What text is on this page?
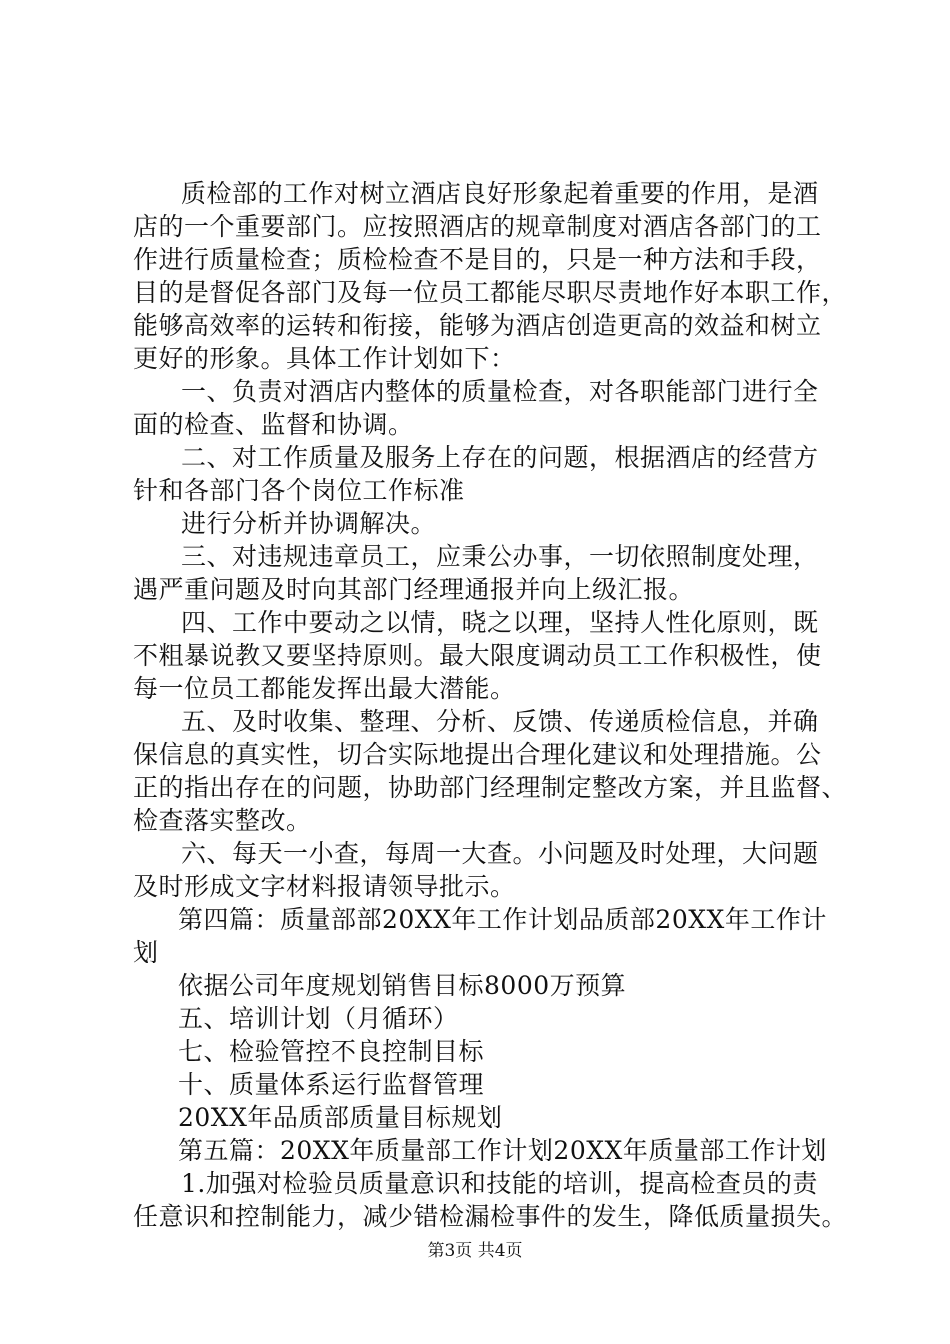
质检部的工作对树立酒店良好形象起着重要的作用，是酒
店的一个重要部门。应按照酒店的规章制度对酒店各部门的工
作进行质量检查；质检检查不是目的，只是一种方法和手段，
目的是督促各部门及每一位员工都能尽职尽责地作好本职工作，
能够高效率的运转和衔接，能够为酒店创造更高的效益和树立
更好的形象。具体工作计划如下：
一、负责对酒店内整体的质量检查，对各职能部门进行全
面的检查、监督和协调。
二、对工作质量及服务上存在的问题，根据酒店的经营方
针和各部门各个岗位工作标准
进行分析并协调解决。
三、对违规违章员工，应秉公办事，一切依照制度处理，
遇严重问题及时向其部门经理通报并向上级汇报。
四、工作中要动之以情，晓之以理，坚持人性化原则，既
不粗暴说教又要坚持原则。最大限度调动员工工作积极性，使
每一位员工都能发挥出最大潜能。
五、及时收集、整理、分析、反馈、传递质检信息，并确
保信息的真实性，切合实际地提出合理化建议和处理措施。公
正的指出存在的问题，协助部门经理制定整改方案，并且监督、
检查落实整改。
六、每天一小查，每周一大查。小问题及时处理，大问题
及时形成文字材料报请领导批示。
第四篇：质量部部20XX年工作计划品质部20XX年工作计
划
依据公司年度规划销售目标8000万预算
五、培训计划（月循环）
七、检验管控不良控制目标
十、质量体系运行监督管理
20XX年品质部质量目标规划
第五篇：20XX年质量部工作计划20XX年质量部工作计划
1.加强对检验员质量意识和技能的培训，提高检查员的责
任意识和控制能力，减少错检漏检事件的发生，降低质量损失。
第3页 共4页
